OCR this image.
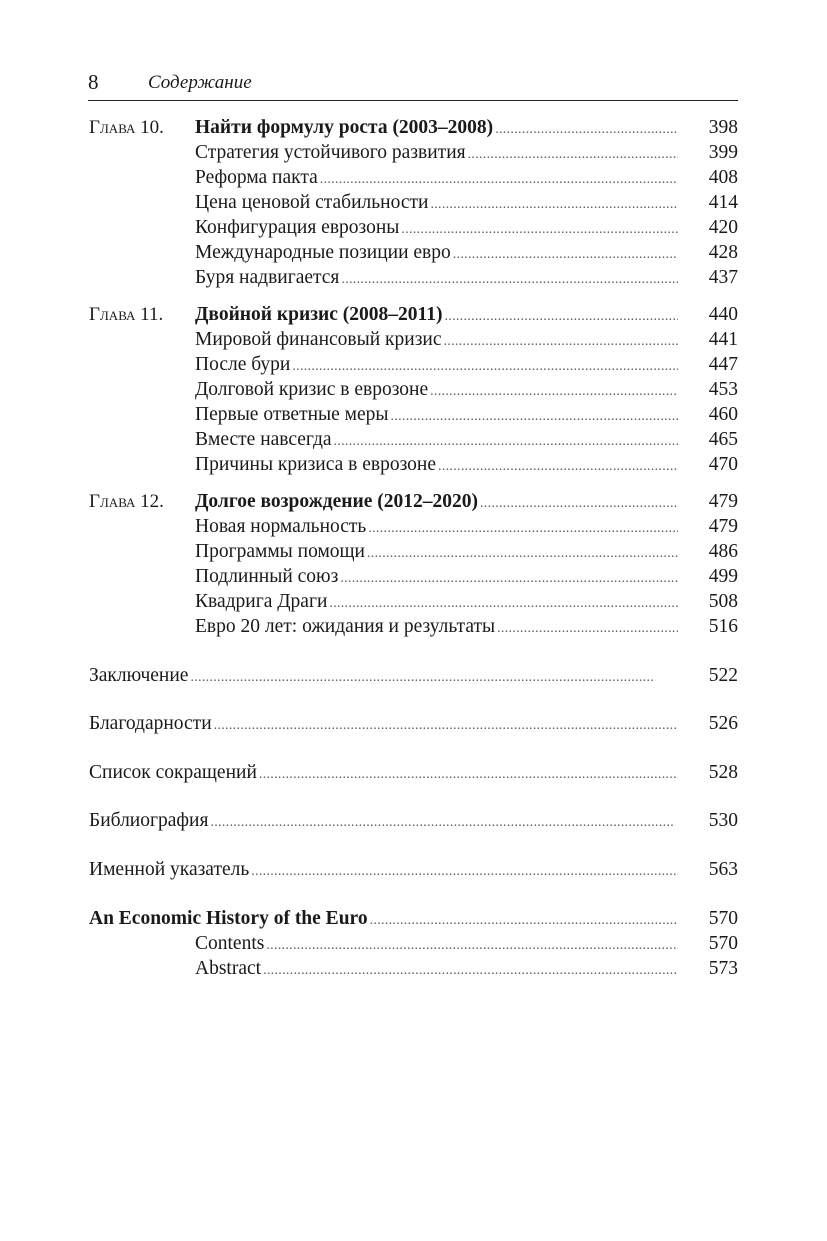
8	Содержание
Глава 10. Найти формулу роста (2003–2008) . . .	398
Стратегия устойчивого развития . . .	399
Реформа пакта . . .	408
Цена ценовой стабильности . . .	414
Конфигурация еврозоны . . .	420
Международные позиции евро . . .	428
Буря надвигается . . .	437
Глава 11. Двойной кризис (2008–2011) . . .	440
Мировой финансовый кризис . . .	441
После бури . . .	447
Долговой кризис в еврозоне . . .	453
Первые ответные меры . . .	460
Вместе навсегда . . .	465
Причины кризиса в еврозоне . . .	470
Глава 12. Долгое возрождение (2012–2020) . . .	479
Новая нормальность . . .	479
Программы помощи . . .	486
Подлинный союз . . .	499
Квадрига Драги . . .	508
Евро 20 лет: ожидания и результаты . . .	516
Заключение . . .	522
Благодарности . . .	526
Список сокращений . . .	528
Библиография . . .	530
Именной указатель . . .	563
An Economic History of the Euro . . .	570
Contents . . .	570
Abstract . . .	573
